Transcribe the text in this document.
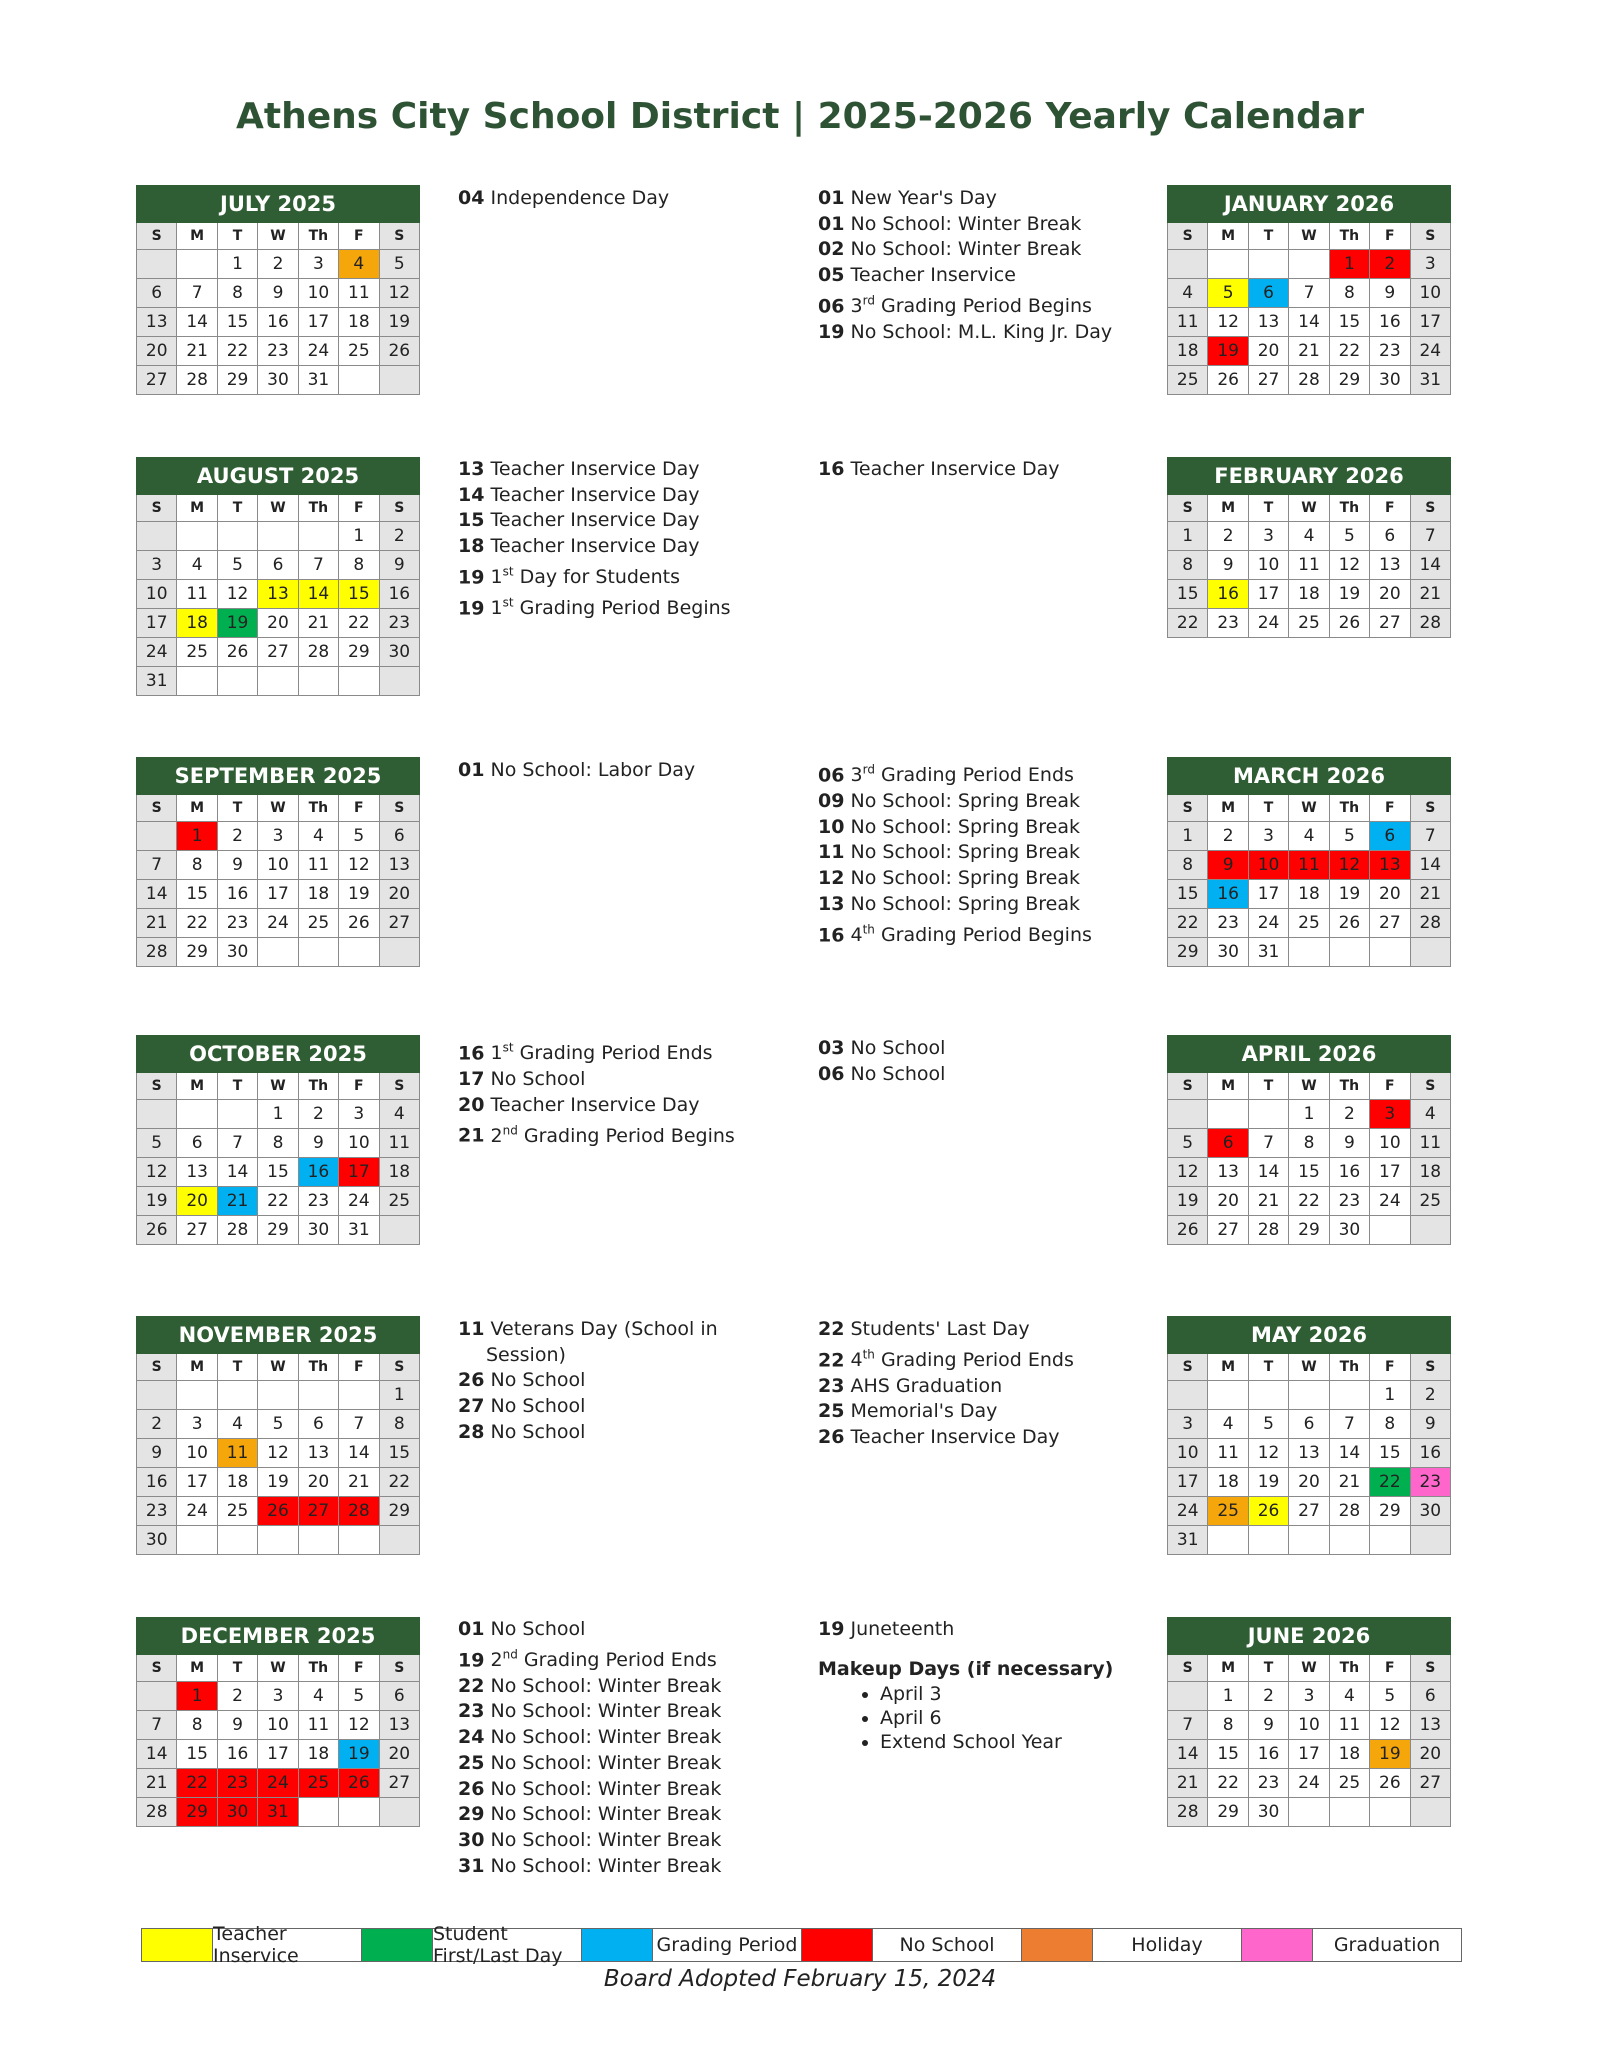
Athens City School District | 2025-2026 Yearly Calendar
JULY 2025						
S	M	T	W	Th	F	S
		1	2	3	4	5
6	7	8	9	10	11	12
13	14	15	16	17	18	19
20	21	22	23	24	25	26
27	28	29	30	31		
AUGUST 2025						
S	M	T	W	Th	F	S
					1	2
3	4	5	6	7	8	9
10	11	12	13	14	15	16
17	18	19	20	21	22	23
24	25	26	27	28	29	30
31						
SEPTEMBER 2025						
S	M	T	W	Th	F	S
	1	2	3	4	5	6
7	8	9	10	11	12	13
14	15	16	17	18	19	20
21	22	23	24	25	26	27
28	29	30				
OCTOBER 2025						
S	M	T	W	Th	F	S
			1	2	3	4
5	6	7	8	9	10	11
12	13	14	15	16	17	18
19	20	21	22	23	24	25
26	27	28	29	30	31	
NOVEMBER 2025						
S	M	T	W	Th	F	S
						1
2	3	4	5	6	7	8
9	10	11	12	13	14	15
16	17	18	19	20	21	22
23	24	25	26	27	28	29
30						
DECEMBER 2025						
S	M	T	W	Th	F	S
	1	2	3	4	5	6
7	8	9	10	11	12	13
14	15	16	17	18	19	20
21	22	23	24	25	26	27
28	29	30	31			
JANUARY 2026						
S	M	T	W	Th	F	S
				1	2	3
4	5	6	7	8	9	10
11	12	13	14	15	16	17
18	19	20	21	22	23	24
25	26	27	28	29	30	31
FEBRUARY 2026						
S	M	T	W	Th	F	S
1	2	3	4	5	6	7
8	9	10	11	12	13	14
15	16	17	18	19	20	21
22	23	24	25	26	27	28
MARCH 2026						
S	M	T	W	Th	F	S
1	2	3	4	5	6	7
8	9	10	11	12	13	14
15	16	17	18	19	20	21
22	23	24	25	26	27	28
29	30	31				
APRIL 2026						
S	M	T	W	Th	F	S
			1	2	3	4
5	6	7	8	9	10	11
12	13	14	15	16	17	18
19	20	21	22	23	24	25
26	27	28	29	30		
MAY 2026						
S	M	T	W	Th	F	S
					1	2
3	4	5	6	7	8	9
10	11	12	13	14	15	16
17	18	19	20	21	22	23
24	25	26	27	28	29	30
31						
JUNE 2026						
S	M	T	W	Th	F	S
	1	2	3	4	5	6
7	8	9	10	11	12	13
14	15	16	17	18	19	20
21	22	23	24	25	26	27
28	29	30				
04 Independence Day
13 Teacher Inservice Day
14 Teacher Inservice Day
15 Teacher Inservice Day
18 Teacher Inservice Day
19 1st Day for Students
19 1st Grading Period Begins
01 No School: Labor Day
16 1st Grading Period Ends
17 No School
20 Teacher Inservice Day
21 2nd Grading Period Begins
11 Veterans Day (School in
Session)
26 No School
27 No School
28 No School
01 No School
19 2nd Grading Period Ends
22 No School: Winter Break
23 No School: Winter Break
24 No School: Winter Break
25 No School: Winter Break
26 No School: Winter Break
29 No School: Winter Break
30 No School: Winter Break
31 No School: Winter Break
01 New Year's Day
01 No School: Winter Break
02 No School: Winter Break
05 Teacher Inservice
06 3rd Grading Period Begins
19 No School: M.L. King Jr. Day
16 Teacher Inservice Day
06 3rd Grading Period Ends
09 No School: Spring Break
10 No School: Spring Break
11 No School: Spring Break
12 No School: Spring Break
13 No School: Spring Break
16 4th Grading Period Begins
03 No School
06 No School
22 Students' Last Day
22 4th Grading Period Ends
23 AHS Graduation
25 Memorial's Day
26 Teacher Inservice Day
19 Juneteenth
Makeup Days (if necessary)
• April 3
• April 6
• Extend School Year
Teacher Inservice
Student First/Last Day	Grading Period	No School	Holiday	Graduation
Board Adopted February 15, 2024
